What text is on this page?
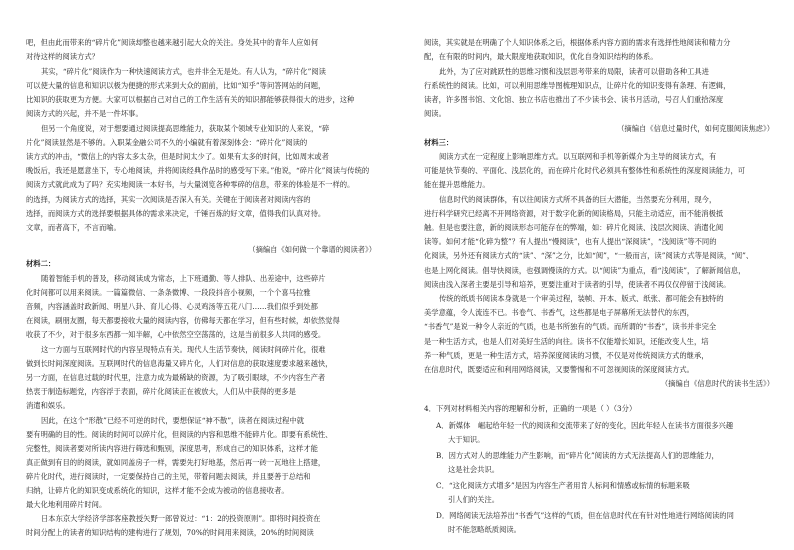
吧，但由此而带来的“碎片化”阅读却整也越来越引起大众的关注。身处其中的青年人应如何
对待这样的阅读方式？
其实，“碎片化”阅读作为一种快速阅读方式，也并非全无是处。有人认为，“碎片化”阅读
可以使大量的信息和知识以极为便捷的形式来到大众的面前，比如“知乎”等问答网站的问题，
比知识的获取更为方便。大家可以根据自己对自己的工作生活有关的知识都能够获得很大的进步，这种
阅读方式的兴起，并不是一件坏事。
但另一个角度说，对于想要通过阅读提高思维能力，获取某个领域专业知识的人来说，“碎
片化”阅读显然是不够的。入职某金融公司不久的小编就有着深刻体会：“碎片化”阅读的
读方式的冲击，“微信上的内容太多太杂，但是时间太少了。如果有太多的时间，比如周末或者
晚饭后，我还是愿意坐下，专心地阅读，并将阅读经典作品时的感受写下来。”他说，“碎片化”阅读与传统的
阅读方式就此成为了吗？充实地阅读一本好书，与大量浏览各种零碎的信息，带来的体验是不一样的。
的选择，为阅读方式的选择，其实一次阅读是否深入有关。关键在于阅读者对阅读内容的
选择，而阅读方式的选择要根据具体的需求来决定，千锤百炼的好文章，值得我们认真对待。
文章，而者高下，不言而喻。
（摘编自《如何做一个靠谱的阅读者》）
材料二：
随着智能手机的普及，移动阅读成为常态，上下班通勤、等人排队、出差途中，这些碎片
化时间都可以用来阅读。一篇篇微信、一条条微博、一段段抖音小视频，一个个喜马拉雅
音频，内容涵盖时政新闻、明星八卦、育儿心得、心灵鸡汤等五花八门……我们似乎到处都
在阅读，刷朋友圈，每天都要接收大量的阅读内容，仿佛每天都在学习，但有些时候，却依然觉得
收获了不少，对于很多东西都一知半解，心中依然空空荡荡的，这是当前很多人共同的感受。
这一方面与互联网时代的内容呈现特点有关。现代人生活节奏快，阅读时间碎片化，很难
做到长时间深度阅读。互联网时代的信息海量又碎片化，人们对信息的获取速度要求越来越快，
另一方面，在信息过载的时代里，注意力成为最稀缺的资源，为了吸引眼球，不少内容生产者
热衷于制造标题党，内容浮于表面，碎片化阅读正在被放大，人们从中获得的更多是
消遣和娱乐。
因此，在这个“形散”已经不可逆的时代，要想保证“神不散”，读者在阅读过程中就
要有明确的目的性。阅读的时间可以碎片化，但阅读的内容和思维不能碎片化。即要有系统性、
完整性，阅读者要对所读内容进行筛选和甄别，深度思考，形成自己的知识体系，这样才能
真正做到有目的的阅读，就如同盖房子一样，需要先打好地基，然后再一砖一瓦地往上搭建，
碎片化时代，进行阅读时，一定要保持自己的主见，带着问题去阅读，并且要善于总结和
归纳，让碎片化的知识变成系统化的知识，这样才能不会成为被动的信息接收者。
最大化地利用碎片时间。
日本东京大学经济学部客座教授矢野一郎曾说过：“1：2的投资原则”。即将时间投资在
时间分配上的读者的知识结构的建构进行了规划，70%的时间用来阅读，20%的时间阅读
阅读，其实就是在明确了个人知识体系之后，根据体系内容方面的需求有选择性地阅读和精力分
配，在有限的时间内，最大限度地获取知识，优化自身知识结构的体系。
此外，为了应对跳跃性的思维习惯和浅层思考带来的局限，读者可以借助各种工具进
行系统性的阅读。比如，可以利用思维导图梳理知识点，让碎片化的知识变得有条理、有逻辑，
读者，许多图书馆、文化馆、独立书店也推出了不少读书会、读书月活动，号召人们重拾深度
阅读。
（摘编自《信息过量时代，如何克服阅读焦虑》）
材料三：
阅读方式在一定程度上影响思维方式。以互联网和手机等新媒介为主导的阅读方式，有
可能是快节奏的、平面化、浅层化的，而在碎片化时代必须具有整体性和系统性的深度阅读能力，可
能在提升思维能力。
信息时代的阅读群体，有以往阅读方式所不具备的巨大潜能，当然要充分利用，现今，
进行科学研究已经离不开网络资源，对于数字化新的阅读格局，只能主动适应，而不能消极抵
触。但是也要注意，新的阅读形态可能存在的弊端，如：碎片化阅读、浅层次阅读、消遣化阅
读等。如何才能“化碎为整”？有人提出“慢阅读”，也有人提出“深阅读”，“浅阅读”等不同的
化阅读，另外还有阅读方式的“读”、“深”之分，比如“阅”，“一般而言，读”阅读方式等是阅读，“阅”、
也是上网化阅读。倡导快阅读，也强调慢读的方式。以“阅读”为重点，看“浅阅读”，了解新闻信息，
阅读由浅入深者主要是引导和培养，更要注重对于读者的引导，使读者不再仅仅停留于浅阅读。
传统的纸质书阅读本身就是一个审美过程，装帧、开本、版式、纸张、都可能会有独特的
美学意蕴，令人流连不已。书卷气、书香气，这些都是电子屏幕所无法替代的东西，
“书香气”是说一种令人亲近的气质，也是书所独有的气质。而所谓的“书香”，读书并非完全
是一种生活方式，也是人们对美好生活的向往。读书不仅能增长知识，还能改变人生，培
养一种气质，更是一种生活方式，培养深度阅读的习惯，不仅是对传统阅读方式的继承，
在信息时代，既要适应和利用网络阅读，又要警惕和不可忽视阅读的深度阅读方式。
（摘编自《信息时代的读书生活》）
4．下列对材料相关内容的理解和分析，正确的一项是（ ）（3分）
A．新媒体　崛起给年轻一代的阅读和交流带来了好的变化，因此年轻人在读书方面很多兴趣
大于知识。
B．因方式对人的思维能力产生影响，而“碎片化”阅读的方式无法提高人们的思维能力，
这是社会共识。
C．“这化阅读方式增多”是因为内容生产者用肯人标间和情感或标情的标题来吸
引人们的关注。
D．网络阅读无法培养出“书香气”这样的气质，但在信息时代在有针对性地进行网络阅读的同
时不能忽略纸质阅读。
